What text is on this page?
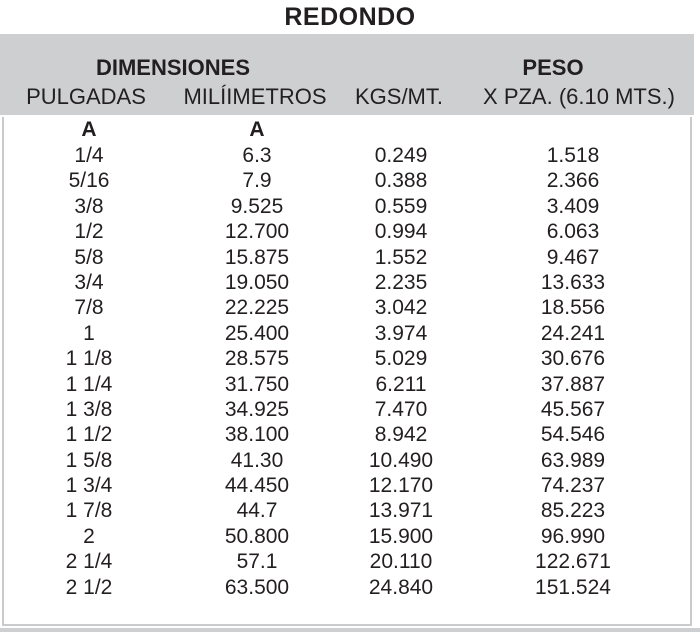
REDONDO
DIMENSIONES	PESO
PULGADAS	MILÍIMETROS	KGS/MT.	X PZA. (6.10 MTS.)
A	A
1/4	6.3	0.249	1.518
5/16	7.9	0.388	2.366
3/8	9.525	0.559	3.409
1/2	12.700	0.994	6.063
5/8	15.875	1.552	9.467
3/4	19.050	2.235	13.633
7/8	22.225	3.042	18.556
1	25.400	3.974	24.241
1 1/8	28.575	5.029	30.676
1 1/4	31.750	6.211	37.887
1 3/8	34.925	7.470	45.567
1 1/2	38.100	8.942	54.546
1 5/8	41.30	10.490	63.989
1 3/4	44.450	12.170	74.237
1 7/8	44.7	13.971	85.223
2	50.800	15.900	96.990
2 1/4	57.1	20.110	122.671
2 1/2	63.500	24.840	151.524
